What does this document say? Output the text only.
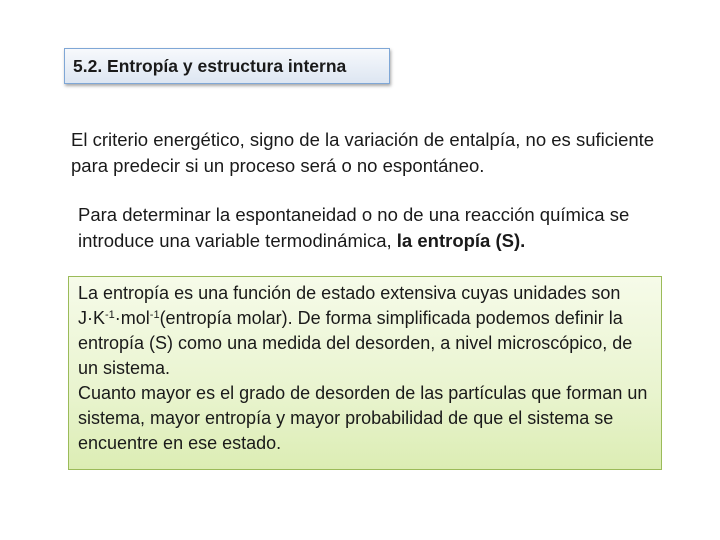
5.2. Entropía y estructura interna
El criterio energético, signo de la variación de entalpía, no es suficiente para predecir si un proceso será o no espontáneo.
Para determinar la espontaneidad o no de una reacción química se introduce una variable termodinámica, la entropía (S).

La entropía es una función de estado extensiva cuyas unidades son $J\cdot K^{-1}\cdot mol^{-1}(entropía$ molar). De forma simplificada podemos definir la entropía (S) como una medida del desorden, a nivel microscópico, de un sistema.

Cuanto mayor es el grado de desorden de las partículas que forman un sistema, mayor entropía y mayor probabilidad de que el sistema se encuentre en ese estado.
